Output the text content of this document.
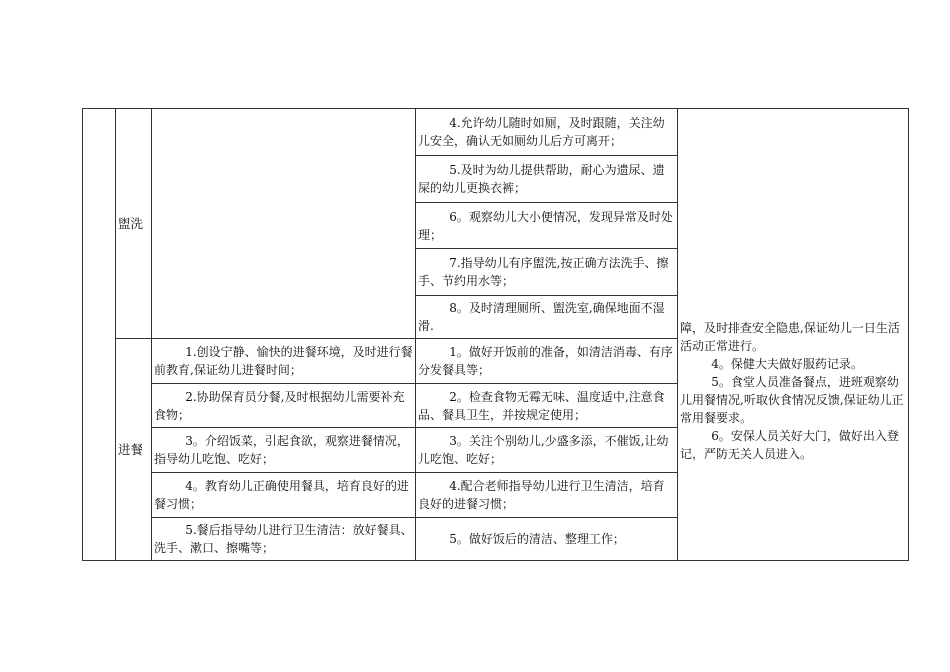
	盥洗		4.允许幼儿随时如厕，及时跟随，关注幼儿安全，确认无如厕幼儿后方可离开；	障，及时排查安全隐患,保证幼儿一日生活活动正常进行。
4。保健大夫做好服药记录。
5。食堂人员准备餐点，进班观察幼儿用餐情况,听取伙食情况反馈,保证幼儿正常用餐要求。
6。安保人员关好大门，做好出入登记，严防无关人员进入。

			5.及时为幼儿提供帮助，耐心为遗尿、遗屎的幼儿更换衣裤；	

			6。观察幼儿大小便情况，发现异常及时处理；	

			7.指导幼儿有序盥洗,按正确方法洗手、擦手、节约用水等；	

			8。及时清理厕所、盥洗室,确保地面不湿滑.	

	进餐	1.创设宁静、愉快的进餐环境，及时进行餐前教育,保证幼儿进餐时间；	1。做好开饭前的准备，如清洁消毒、有序分发餐具等；	

		2.协助保育员分餐,及时根据幼儿需要补充食物；	2。检查食物无霉无味、温度适中,注意食品、餐具卫生，并按规定使用；	

		3。介绍饭菜，引起食欲，观察进餐情况，指导幼儿吃饱、吃好；	3。关注个别幼儿,少盛多添，不催饭,让幼儿吃饱、吃好；	

		4。教育幼儿正确使用餐具，培育良好的进餐习惯；	4.配合老师指导幼儿进行卫生清洁，培育良好的进餐习惯；	

		5.餐后指导幼儿进行卫生清洁：放好餐具、洗手、漱口、擦嘴等；	5。做好饭后的清洁、整理工作；	
